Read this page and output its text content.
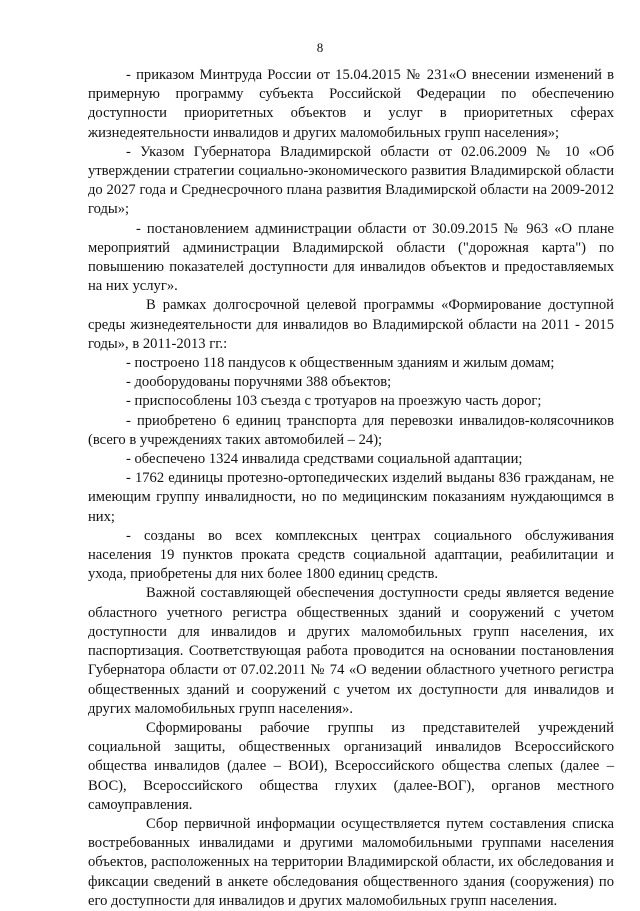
8

- приказом Минтруда России от 15.04.2015 № 231«О внесении изменений в примерную программу субъекта Российской Федерации по обеспечению доступности приоритетных объектов и услуг в приоритетных сферах жизнедеятельности инвалидов и других маломобильных групп населения»;

- Указом Губернатора Владимирской области от 02.06.2009 № 10 «Об утверждении стратегии социально-экономического развития Владимирской области до 2027 года и Среднесрочного плана развития Владимирской области на 2009-2012 годы»;

- постановлением администрации области от 30.09.2015 № 963 «О плане мероприятий администрации Владимирской области ("дорожная карта") по повышению показателей доступности для инвалидов объектов и предоставляемых на них услуг».

В рамках долгосрочной целевой программы «Формирование доступной среды жизнедеятельности для инвалидов во Владимирской области на 2011 - 2015 годы», в 2011-2013 гг.:

- построено 118 пандусов к общественным зданиям и жилым домам;

- дооборудованы поручнями 388 объектов;

- приспособлены 103 съезда с тротуаров на проезжую часть дорог;

- приобретено 6 единиц транспорта для перевозки инвалидов-колясочников (всего в учреждениях таких автомобилей – 24);

- обеспечено 1324 инвалида средствами социальной адаптации;

- 1762 единицы протезно-ортопедических изделий выданы 836 гражданам, не имеющим группу инвалидности, но по медицинским показаниям нуждающимся в них;

- созданы во всех комплексных центрах социального обслуживания населения 19 пунктов проката средств социальной адаптации, реабилитации и ухода, приобретены для них более 1800 единиц средств.

Важной составляющей обеспечения доступности среды является ведение областного учетного регистра общественных зданий и сооружений с учетом доступности для инвалидов и других маломобильных групп населения, их паспортизация. Соответствующая работа проводится на основании постановления Губернатора области от 07.02.2011 № 74 «О ведении областного учетного регистра общественных зданий и сооружений с учетом их доступности для инвалидов и других маломобильных групп населения».

Сформированы рабочие группы из представителей учреждений социальной защиты, общественных организаций инвалидов Всероссийского общества инвалидов (далее – ВОИ), Всероссийского общества слепых (далее – ВОС), Всероссийского общества глухих (далее-ВОГ), органов местного самоуправления.

Сбор первичной информации осуществляется путем составления списка востребованных инвалидами и другими маломобильными группами населения объектов, расположенных на территории Владимирской области, их обследования и фиксации сведений в анкете обследования общественного здания (сооружения) по его доступности для инвалидов и других маломобильных групп населения.
